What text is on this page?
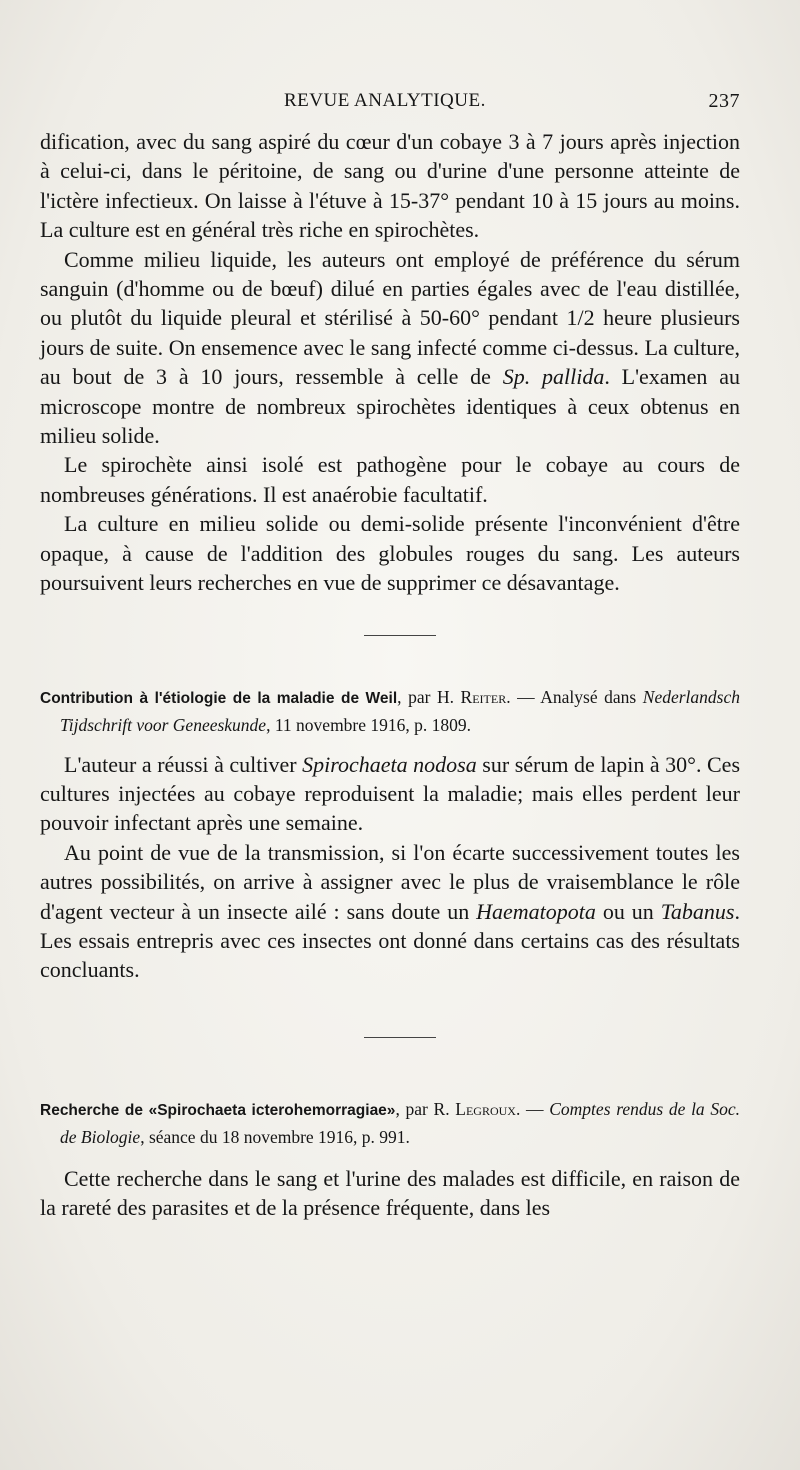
REVUE ANALYTIQUE.	237

dification, avec du sang aspiré du cœur d'un cobaye 3 à 7 jours après injection à celui-ci, dans le péritoine, de sang ou d'urine d'une personne atteinte de l'ictère infectieux. On laisse à l'étuve à 15-37° pendant 10 à 15 jours au moins. La culture est en général très riche en spirochètes.

Comme milieu liquide, les auteurs ont employé de préférence du sérum sanguin (d'homme ou de bœuf) dilué en parties égales avec de l'eau distillée, ou plutôt du liquide pleural et stérilisé à 50-60° pendant 1/2 heure plusieurs jours de suite. On ensemence avec le sang infecté comme ci-dessus. La culture, au bout de 3 à 10 jours, ressemble à celle de Sp. pallida. L'examen au microscope montre de nombreux spirochètes identiques à ceux obtenus en milieu solide.

Le spirochète ainsi isolé est pathogène pour le cobaye au cours de nombreuses générations. Il est anaérobie facultatif.

La culture en milieu solide ou demi-solide présente l'inconvénient d'être opaque, à cause de l'addition des globules rouges du sang. Les auteurs poursuivent leurs recherches en vue de supprimer ce désavantage.

Contribution à l'étiologie de la maladie de Weil, par H. Reiter. — Analysé dans Nederlandsch Tijdschrift voor Geneeskunde, 11 novembre 1916, p. 1809.

L'auteur a réussi à cultiver Spirochaeta nodosa sur sérum de lapin à 30°. Ces cultures injectées au cobaye reproduisent la maladie; mais elles perdent leur pouvoir infectant après une semaine.

Au point de vue de la transmission, si l'on écarte successivement toutes les autres possibilités, on arrive à assigner avec le plus de vraisemblance le rôle d'agent vecteur à un insecte ailé : sans doute un Haematopota ou un Tabanus. Les essais entrepris avec ces insectes ont donné dans certains cas des résultats concluants.

Recherche de «Spirochaeta icterohemorragiae», par R. Legroux. — Comptes rendus de la Soc. de Biologie, séance du 18 novembre 1916, p. 991.

Cette recherche dans le sang et l'urine des malades est difficile, en raison de la rareté des parasites et de la présence fréquente, dans les
